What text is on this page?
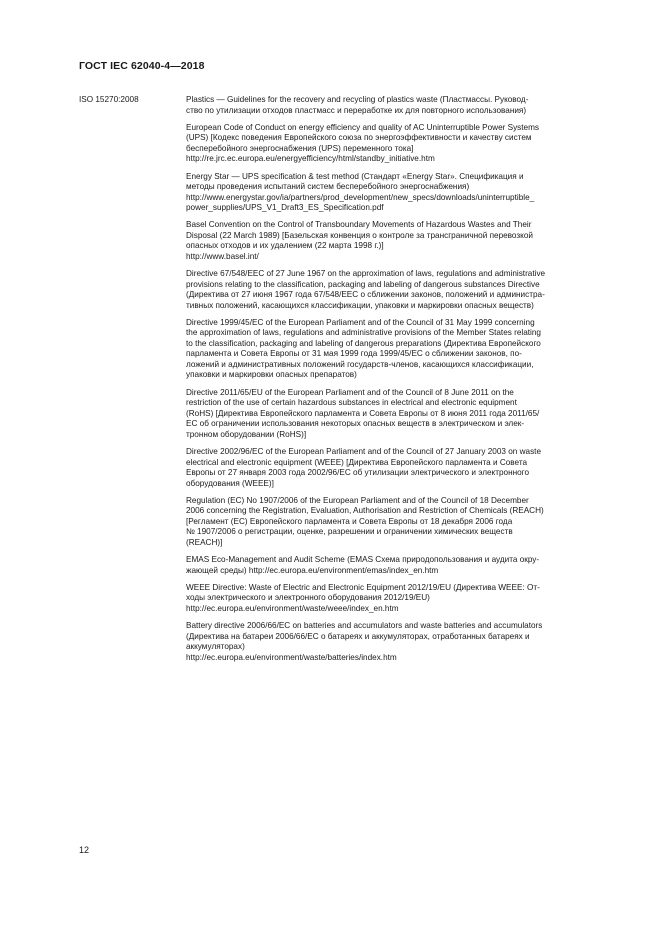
ГОСТ IEC 62040-4—2018
ISO 15270:2008	Plastics — Guidelines for the recovery and recycling of plastics waste (Пластмассы. Руковод-
ство по утилизации отходов пластмасс и переработке их для повторного использования)
European Code of Conduct on energy efficiency and quality of AC Uninterruptible Power Systems
(UPS) [Кодекс поведения Европейского союза по энергоэффективности и качеству систем
бесперебойного энергоснабжения (UPS) переменного тока]
http://re.jrc.ec.europa.eu/energyefficiency/html/standby_initiative.htm
Energy Star — UPS specification & test method (Стандарт «Energy Star». Спецификация и
методы проведения испытаний систем бесперебойного энергоснабжения)
http://www.energystar.gov/ia/partners/prod_development/new_specs/downloads/uninterruptible_
power_supplies/UPS_V1_Draft3_ES_Specification.pdf
Basel Convention on the Control of Transboundary Movements of Hazardous Wastes and Their
Disposal (22 March 1989) [Базельская конвенция о контроле за трансграничной перевозкой
опасных отходов и их удалением (22 марта 1998 г.)]
http://www.basel.int/
Directive 67/548/EEC of 27 June 1967 on the approximation of laws, regulations and administrative
provisions relating to the classification, packaging and labeling of dangerous substances Directive
(Директива от 27 июня 1967 года 67/548/ЕЕС о сближении законов, положений и админиcтра-
тивных положений, касающихся классификации, упаковки и маркировки опасных веществ)
Directive 1999/45/EC of the European Parliament and of the Council of 31 May 1999 concerning
the approximation of laws, regulations and administrative provisions of the Member States relating
to the classification, packaging and labeling of dangerous preparations (Директива Европейского
парламента и Совета Европы от 31 мая 1999 года 1999/45/ЕС о сближении законов, по-
ложений и административных положений государств-членов, касающихся классификации,
упаковки и маркировки опасных препаратов)
Directive 2011/65/EU of the European Parliament and of the Council of 8 June 2011 on the
restriction of the use of certain hazardous substances in electrical and electronic equipment
(RoHS) [Директива Европейского парламента и Совета Европы от 8 июня 2011 года 2011/65/
ЕС об ограничении использования некоторых опасных веществ в электрическом и элек-
тронном оборудовании (RoHS)]
Directive 2002/96/EC of the European Parliament and of the Council of 27 January 2003 on waste
electrical and electronic equipment (WEEE) [Директива Европейского парламента и Совета
Европы от 27 января 2003 года 2002/96/ЕС об утилизации электрического и электронного
оборудования (WEEE)]
Regulation (EC) No 1907/2006 of the European Parliament and of the Council of 18 December
2006 concerning the Registration, Evaluation, Authorisation and Restriction of Chemicals (REACH)
[Регламент (ЕС) Европейского парламента и Совета Европы от 18 декабря 2006 года
№ 1907/2006 о регистрации, оценке, разрешении и ограничении химических веществ
(REACH)]
EMAS Eco-Management and Audit Scheme (EMAS Схема природопользования и аудита окру-
жающей среды) http://ec.europa.eu/environment/emas/index_en.htm
WEEE Directive: Waste of Electric and Electronic Equipment 2012/19/EU (Директива WEEE: От-
ходы электрического и электронного оборудования 2012/19/EU)
http://ec.europa.eu/environment/waste/weee/index_en.htm
Battery directive 2006/66/EC on batteries and accumulators and waste batteries and accumulators
(Директива на батареи 2006/66/ЕС о батареях и аккумуляторах, отработанных батареях и
аккумуляторах)
http://ec.europa.eu/environment/waste/batteries/index.htm
12
